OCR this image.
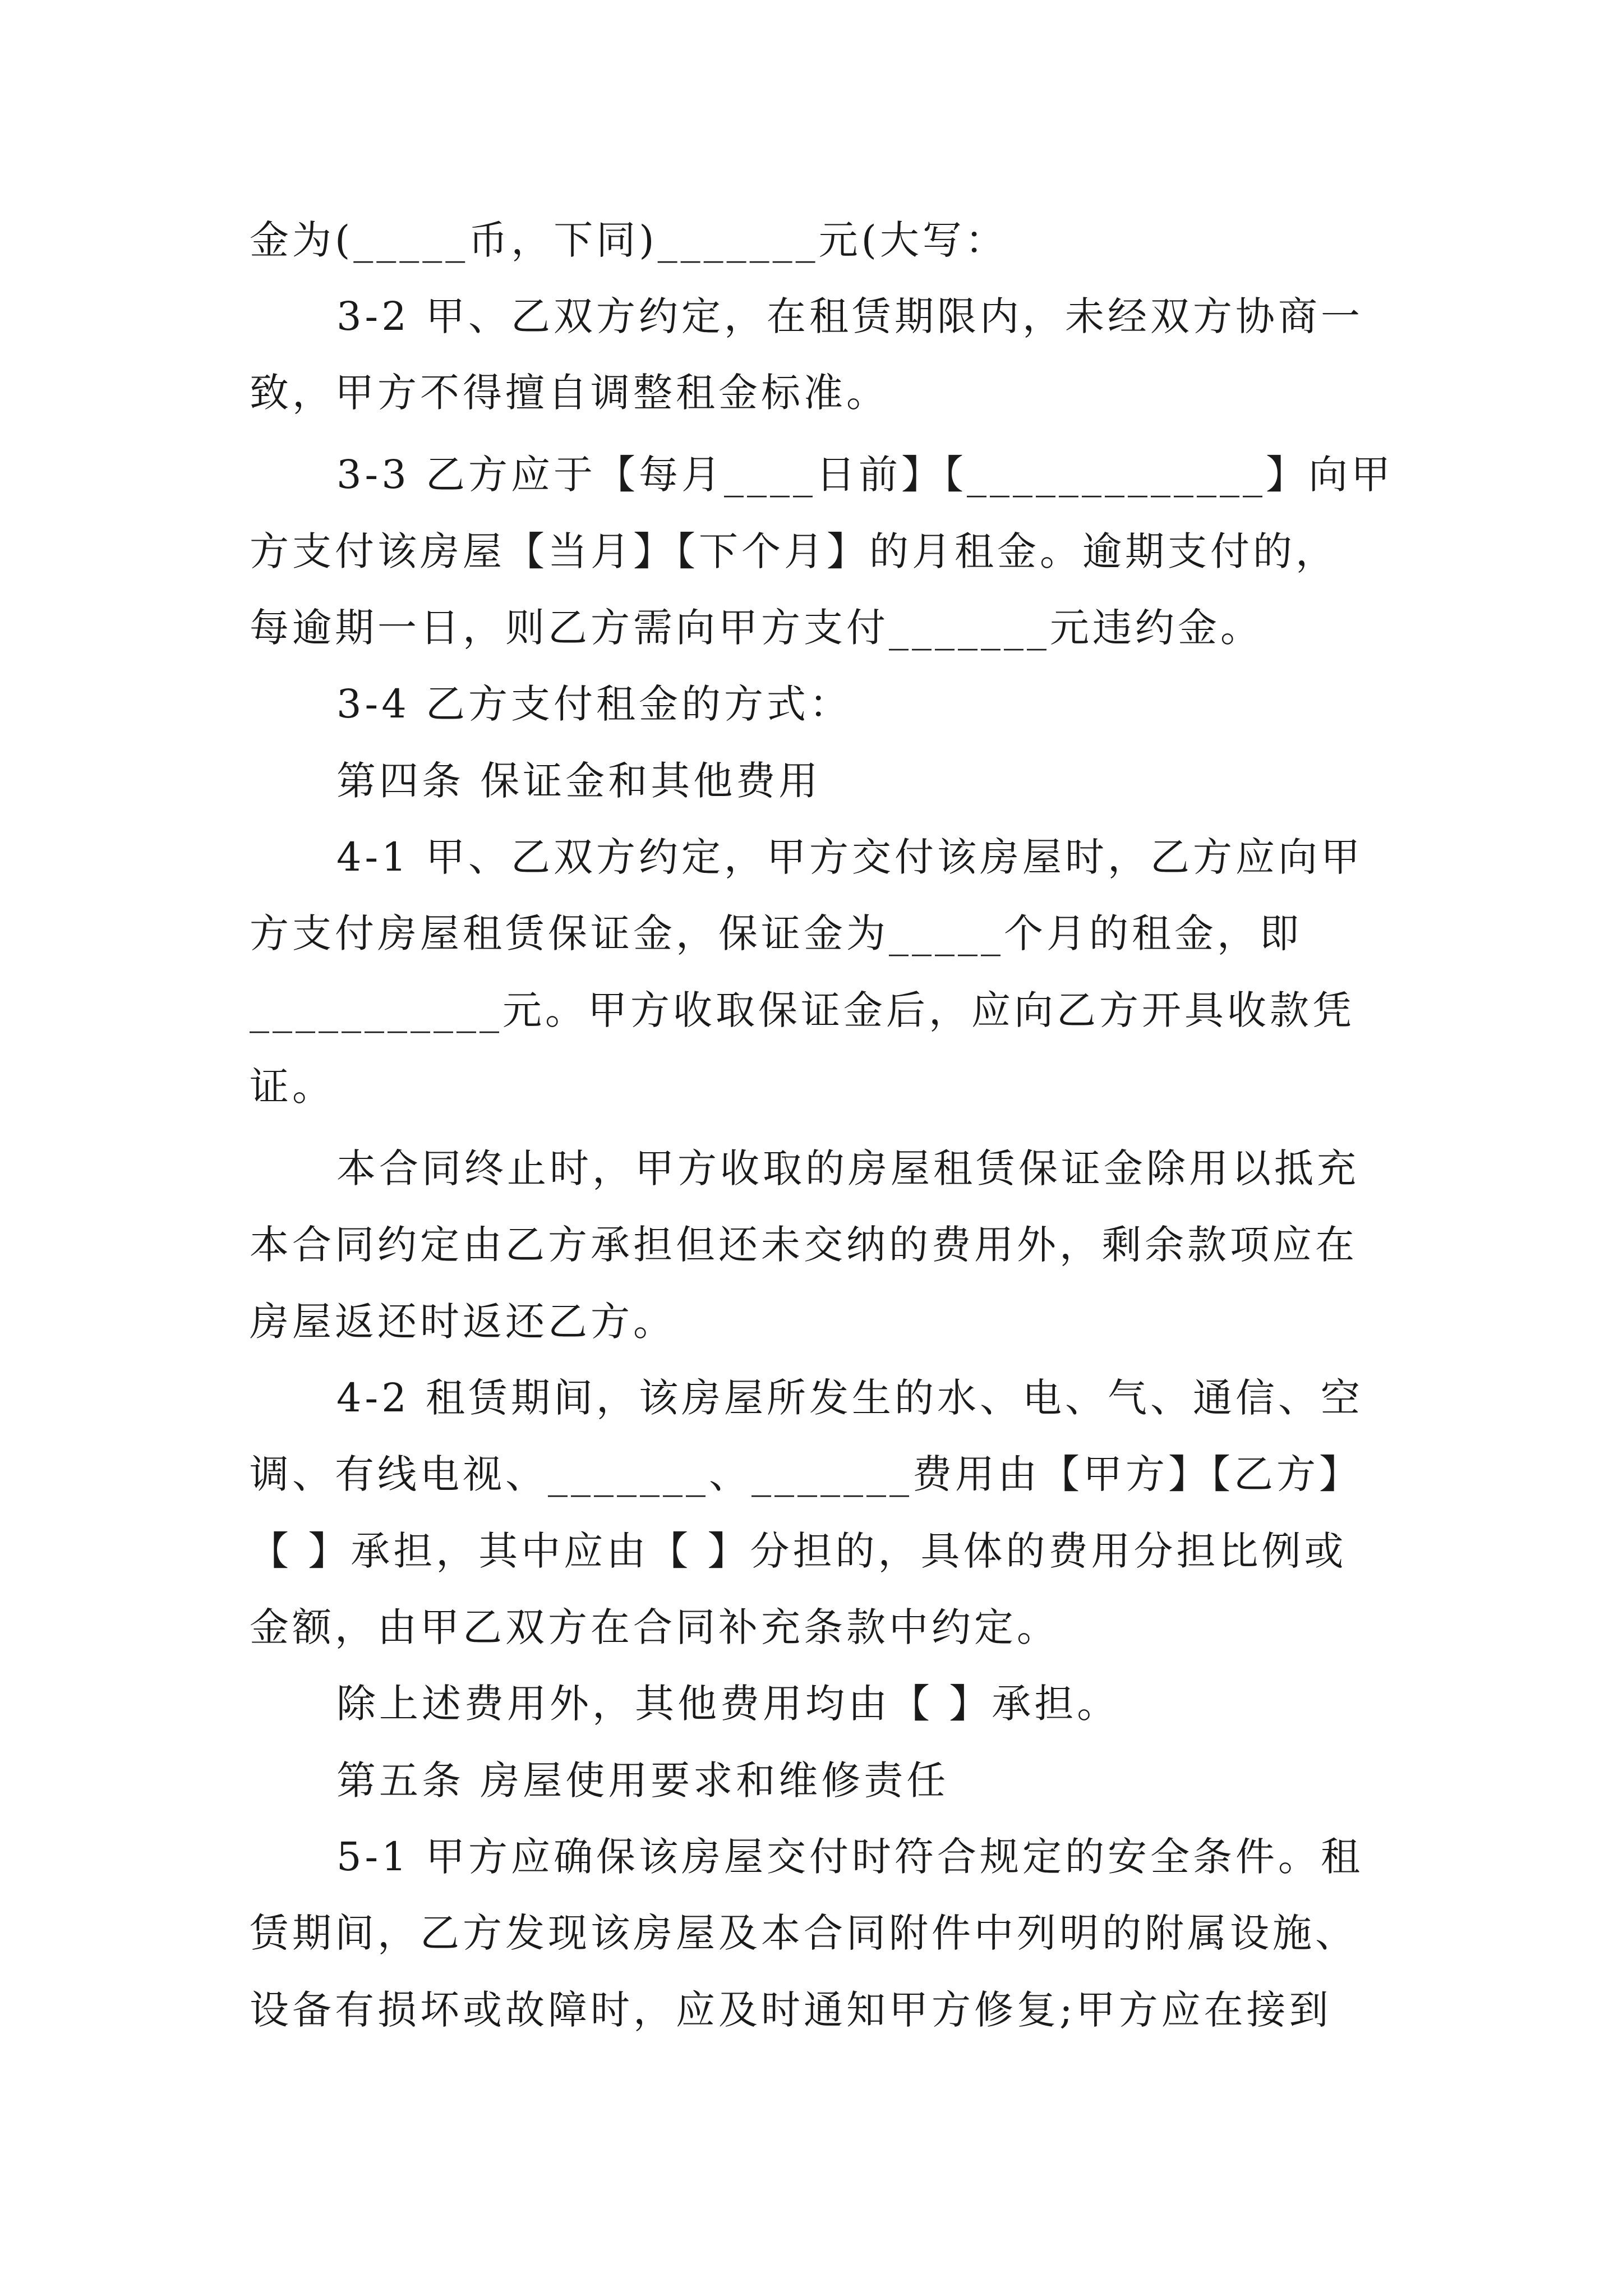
金为(_____币，下同)_______元(大写：
3-2 甲、乙双方约定，在租赁期限内，未经双方协商一
致，甲方不得擅自调整租金标准。
3-3 乙方应于【每月____日前】【_____________】向甲
方支付该房屋【当月】【下个月】的月租金。逾期支付的，
每逾期一日，则乙方需向甲方支付_______元违约金。
3-4 乙方支付租金的方式：
第四条 保证金和其他费用
4-1 甲、乙双方约定，甲方交付该房屋时，乙方应向甲
方支付房屋租赁保证金，保证金为_____个月的租金，即
___________元。甲方收取保证金后，应向乙方开具收款凭
证。
本合同终止时，甲方收取的房屋租赁保证金除用以抵充
本合同约定由乙方承担但还未交纳的费用外，剩余款项应在
房屋返还时返还乙方。
4-2 租赁期间，该房屋所发生的水、电、气、通信、空
调、有线电视、_______、_______费用由【甲方】【乙方】
【 】承担，其中应由【 】分担的，具体的费用分担比例或
金额，由甲乙双方在合同补充条款中约定。
除上述费用外，其他费用均由【 】承担。
第五条 房屋使用要求和维修责任
5-1 甲方应确保该房屋交付时符合规定的安全条件。租
赁期间，乙方发现该房屋及本合同附件中列明的附属设施、
设备有损坏或故障时，应及时通知甲方修复;甲方应在接到
